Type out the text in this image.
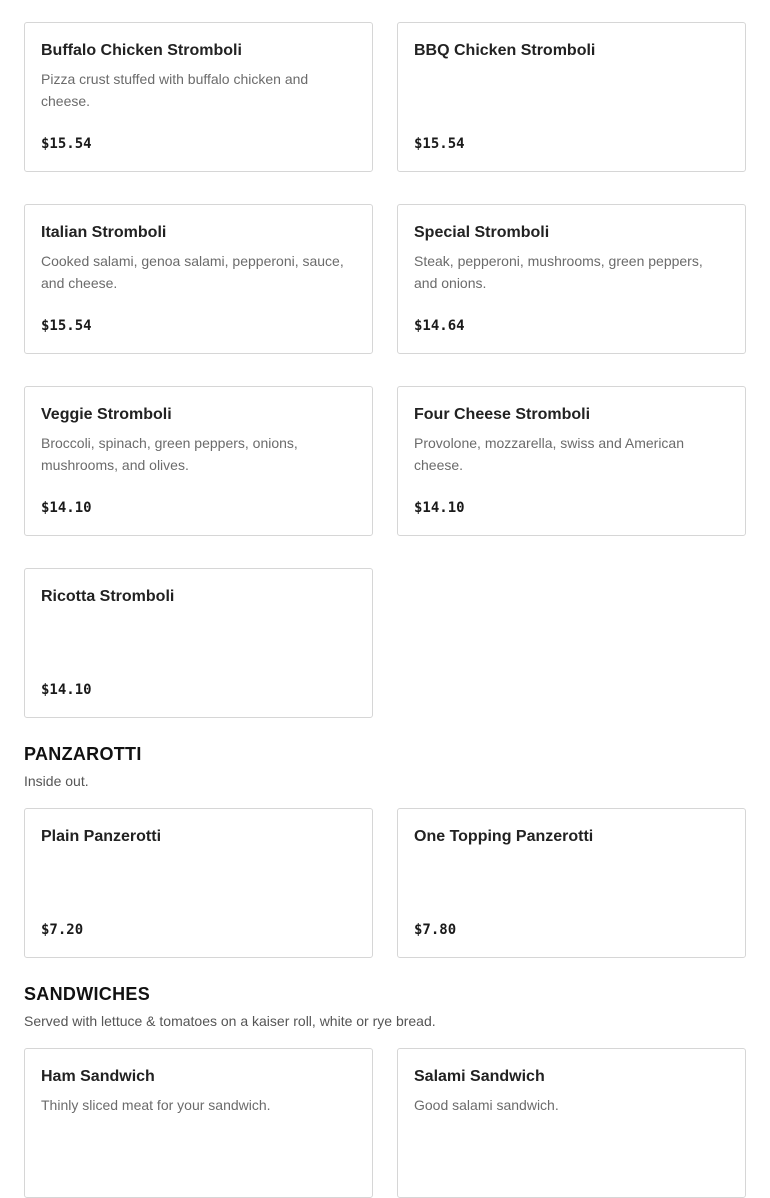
Buffalo Chicken Stromboli
Pizza crust stuffed with buffalo chicken and cheese.
$15.54
BBQ Chicken Stromboli
$15.54
Italian Stromboli
Cooked salami, genoa salami, pepperoni, sauce, and cheese.
$15.54
Special Stromboli
Steak, pepperoni, mushrooms, green peppers, and onions.
$14.64
Veggie Stromboli
Broccoli, spinach, green peppers, onions, mushrooms, and olives.
$14.10
Four Cheese Stromboli
Provolone, mozzarella, swiss and American cheese.
$14.10
Ricotta Stromboli
$14.10
PANZAROTTI
Inside out.
Plain Panzerotti
$7.20
One Topping Panzerotti
$7.80
SANDWICHES
Served with lettuce & tomatoes on a kaiser roll, white or rye bread.
Ham Sandwich
Thinly sliced meat for your sandwich.
Salami Sandwich
Good salami sandwich.
